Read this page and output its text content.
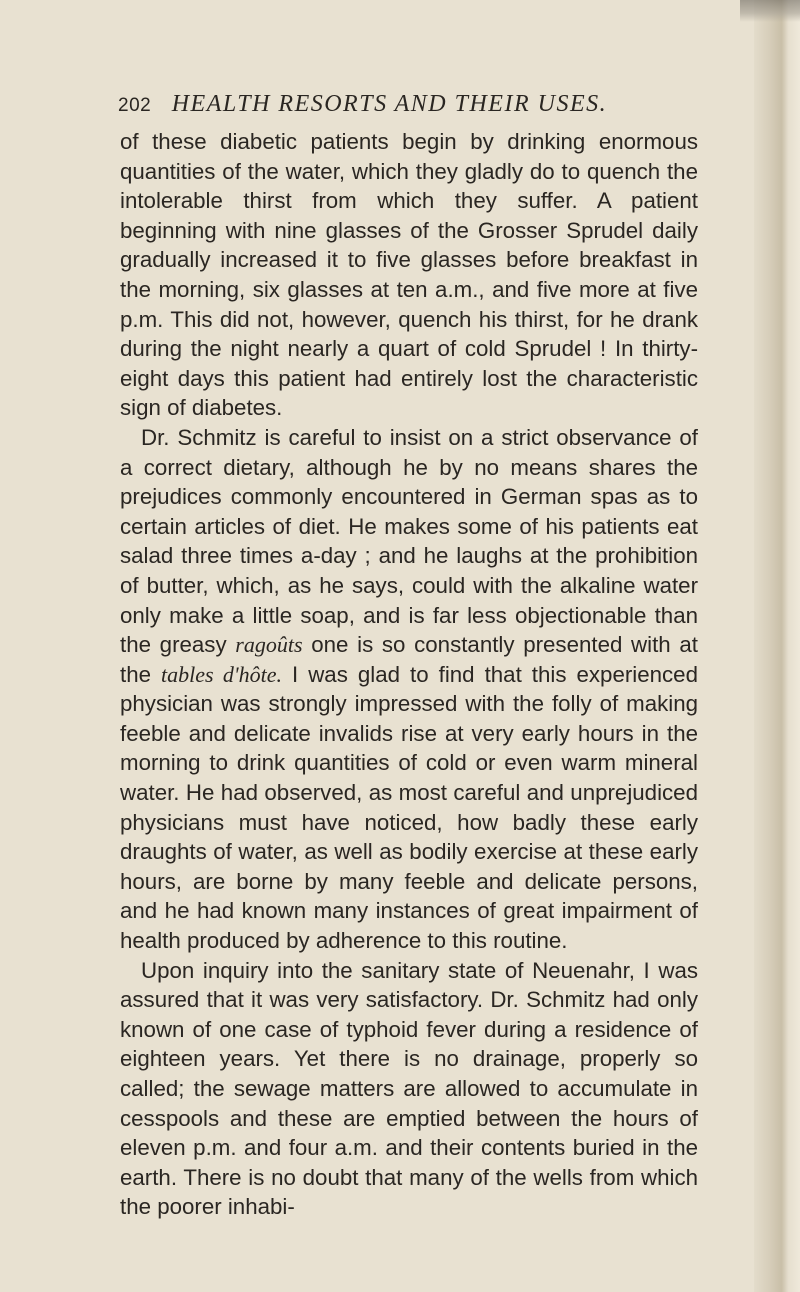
202 HEALTH RESORTS AND THEIR USES.

of these diabetic patients begin by drinking enormous quantities of the water, which they gladly do to quench the intolerable thirst from which they suffer. A patient beginning with nine glasses of the Grosser Sprudel daily gradually increased it to five glasses before breakfast in the morning, six glasses at ten a.m., and five more at five p.m. This did not, however, quench his thirst, for he drank during the night nearly a quart of cold Sprudel ! In thirty-eight days this patient had entirely lost the characteristic sign of diabetes.

Dr. Schmitz is careful to insist on a strict observance of a correct dietary, although he by no means shares the prejudices commonly encountered in German spas as to certain articles of diet. He makes some of his patients eat salad three times a-day ; and he laughs at the prohibition of butter, which, as he says, could with the alkaline water only make a little soap, and is far less objectionable than the greasy ragoûts one is so constantly presented with at the tables d'hôte. I was glad to find that this experienced physician was strongly impressed with the folly of making feeble and delicate invalids rise at very early hours in the morning to drink quantities of cold or even warm mineral water. He had observed, as most careful and unprejudiced physicians must have noticed, how badly these early draughts of water, as well as bodily exercise at these early hours, are borne by many feeble and delicate persons, and he had known many instances of great impairment of health produced by adherence to this routine.

Upon inquiry into the sanitary state of Neuenahr, I was assured that it was very satisfactory. Dr. Schmitz had only known of one case of typhoid fever during a residence of eighteen years. Yet there is no drainage, properly so called; the sewage matters are allowed to accumulate in cesspools and these are emptied between the hours of eleven p.m. and four a.m. and their contents buried in the earth. There is no doubt that many of the wells from which the poorer inhabi-
